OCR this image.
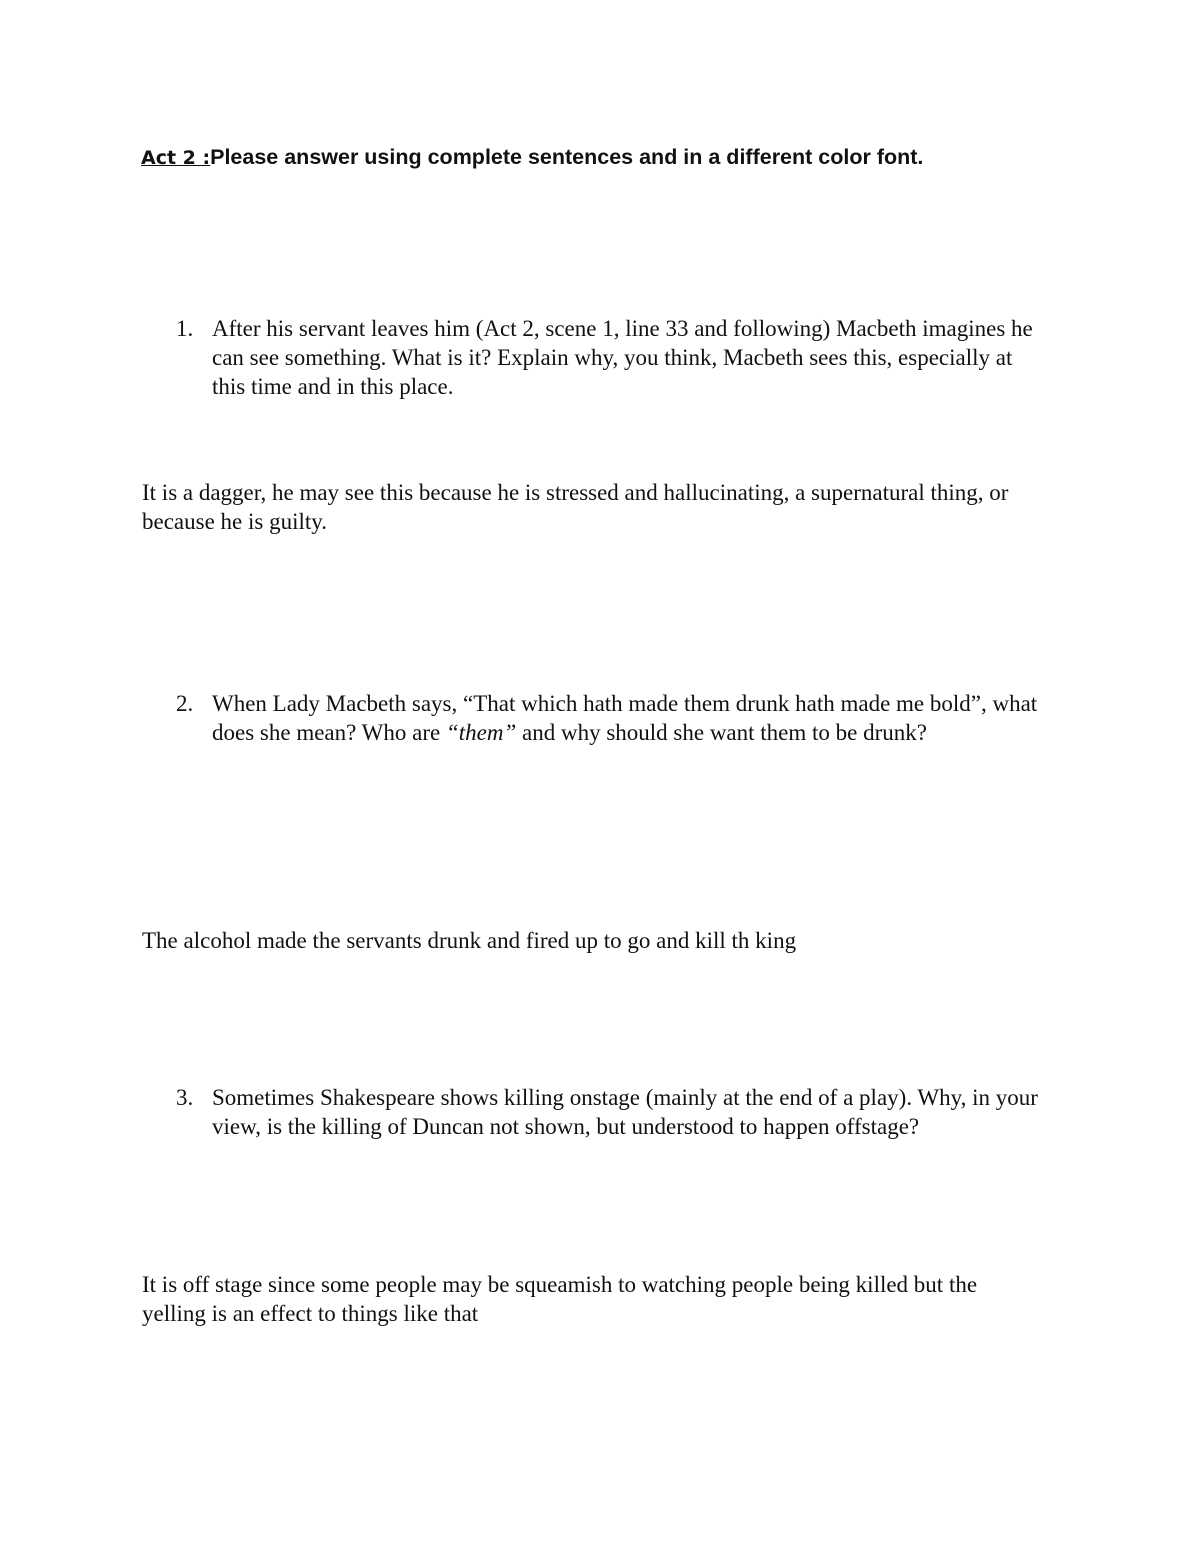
Act 2 :Please answer using complete sentences and in a different color font.
1. After his servant leaves him (Act 2, scene 1, line 33 and following) Macbeth imagines he can see something. What is it? Explain why, you think, Macbeth sees this, especially at this time and in this place.
It is a dagger, he may see this because he is stressed and hallucinating, a supernatural thing, or because he is guilty.
2. When Lady Macbeth says, “That which hath made them drunk hath made me bold”, what does she mean? Who are “them” and why should she want them to be drunk?
The alcohol made the servants drunk and fired up to go and kill th king
3. Sometimes Shakespeare shows killing onstage (mainly at the end of a play). Why, in your view, is the killing of Duncan not shown, but understood to happen offstage?
It is off stage since some people may be squeamish to watching people being killed but the yelling is an effect to things like that
